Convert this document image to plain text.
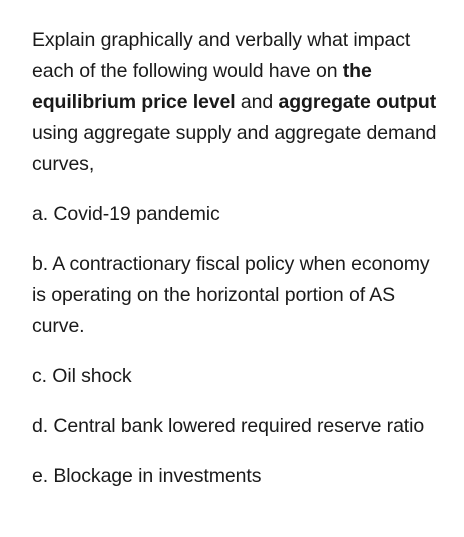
Explain graphically and verbally what impact each of the following would have on the equilibrium price level and aggregate output using aggregate supply and aggregate demand curves,

a. Covid-19 pandemic

b. A contractionary fiscal policy when economy is operating on the horizontal portion of AS curve.

c. Oil shock

d. Central bank lowered required reserve ratio

e. Blockage in investments
